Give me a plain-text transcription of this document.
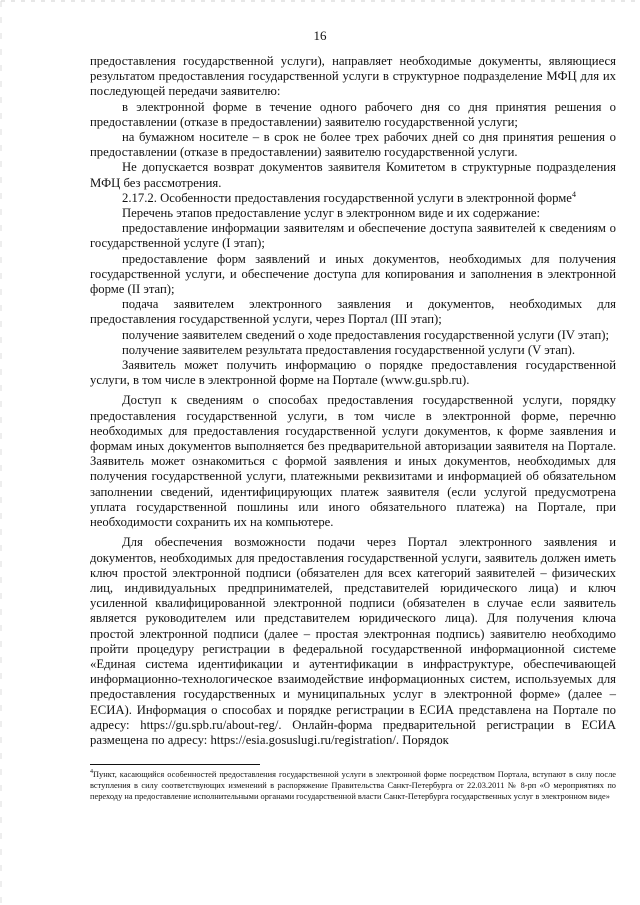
16

предоставления государственной услуги), направляет необходимые документы, являющиеся результатом предоставления государственной услуги в структурное подразделение МФЦ для их последующей передачи заявителю:

в электронной форме в течение одного рабочего дня со дня принятия решения о предоставлении (отказе в предоставлении) заявителю государственной услуги;

на бумажном носителе – в срок не более трех рабочих дней со дня принятия решения о предоставлении (отказе в предоставлении) заявителю государственной услуги.

Не допускается возврат документов заявителя Комитетом в структурные подразделения МФЦ без рассмотрения.

2.17.2. Особенности предоставления государственной услуги в электронной форме$^4$

Перечень этапов предоставление услуг в электронном виде и их содержание:

предоставление информации заявителям и обеспечение доступа заявителей к сведениям о государственной услуге (I этап);

предоставление форм заявлений и иных документов, необходимых для получения государственной услуги, и обеспечение доступа для копирования и заполнения в электронной форме (II этап);

подача заявителем электронного заявления и документов, необходимых для предоставления государственной услуги, через Портал (III этап);

получение заявителем сведений о ходе предоставления государственной услуги (IV этап);

получение заявителем результата предоставления государственной услуги (V этап).

Заявитель может получить информацию о порядке предоставления государственной услуги, в том числе в электронной форме на Портале (www.gu.spb.ru).

Доступ к сведениям о способах предоставления государственной услуги, порядку предоставления государственной услуги, в том числе в электронной форме, перечню необходимых для предоставления государственной услуги документов, к форме заявления и формам иных документов выполняется без предварительной авторизации заявителя на Портале. Заявитель может ознакомиться с формой заявления и иных документов, необходимых для получения государственной услуги, платежными реквизитами и информацией об обязательном заполнении сведений, идентифицирующих платеж заявителя (если услугой предусмотрена уплата государственной пошлины или иного обязательного платежа) на Портале, при необходимости сохранить их на компьютере.

Для обеспечения возможности подачи через Портал электронного заявления и документов, необходимых для предоставления государственной услуги, заявитель должен иметь ключ простой электронной подписи (обязателен для всех категорий заявителей – физических лиц, индивидуальных предпринимателей, представителей юридического лица) и ключ усиленной квалифицированной электронной подписи (обязателен в случае если заявитель является руководителем или представителем юридического лица). Для получения ключа простой электронной подписи (далее – простая электронная подпись) заявителю необходимо пройти процедуру регистрации в федеральной государственной информационной системе «Единая система идентификации и аутентификации в инфраструктуре, обеспечивающей информационно-технологическое взаимодействие информационных систем, используемых для предоставления государственных и муниципальных услуг в электронной форме» (далее – ЕСИА). Информация о способах и порядке регистрации в ЕСИА представлена на Портале по адресу: https://gu.spb.ru/about-reg/. Онлайн-форма предварительной регистрации в ЕСИА размещена по адресу: https://esia.gosuslugi.ru/registration/. Порядок

$^4$Пункт, касающийся особенностей предоставления государственной услуги в электронной форме посредством Портала, вступают в силу после вступления в силу соответствующих изменений в распоряжение Правительства Санкт-Петербурга от 22.03.2011 № 8-рп «О мероприятиях по переходу на предоставление исполнительными органами государственной власти Санкт-Петербурга государственных услуг в электронном виде»
